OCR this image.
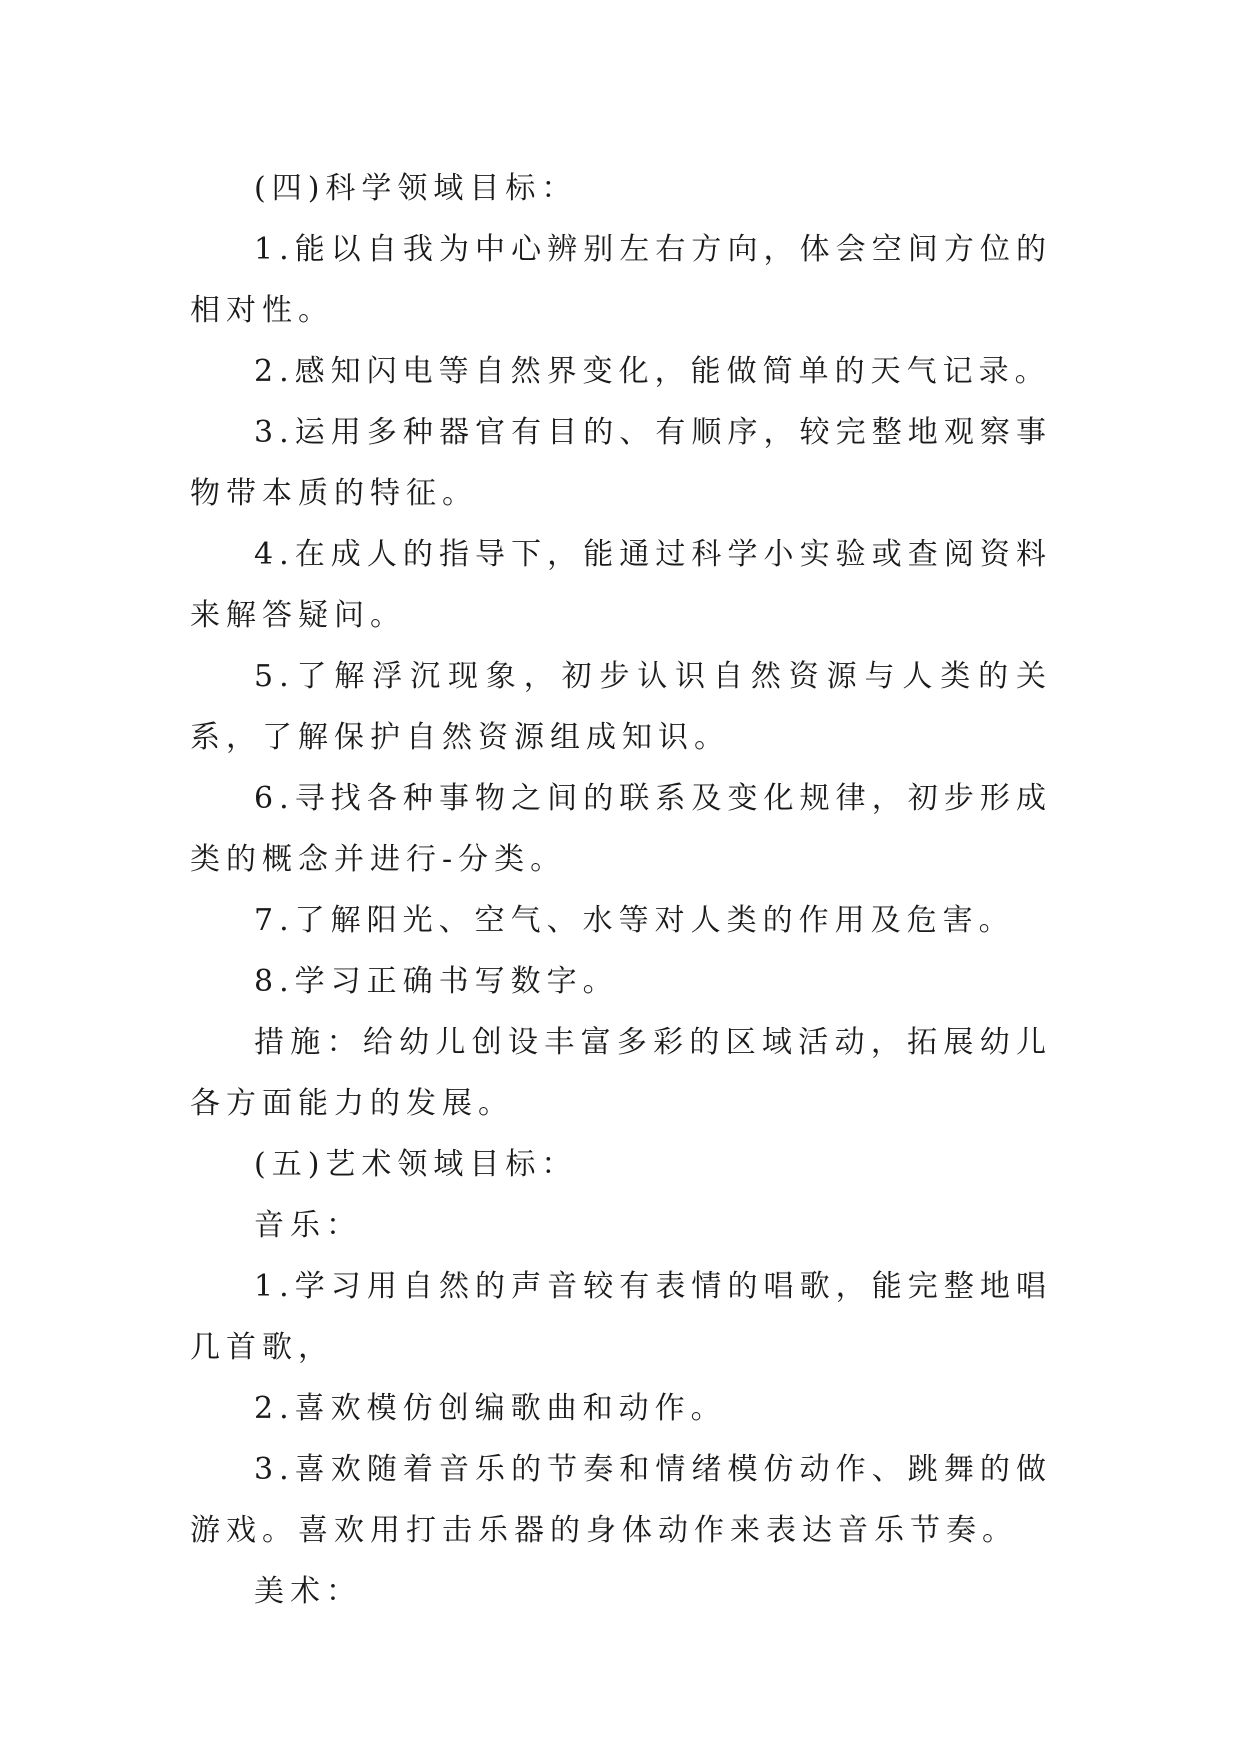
(四)科学领域目标：

1.能以自我为中心辨别左右方向，体会空间方位的相对性。

2.感知闪电等自然界变化，能做简单的天气记录。

3.运用多种器官有目的、有顺序，较完整地观察事物带本质的特征。

4.在成人的指导下，能通过科学小实验或查阅资料来解答疑问。

5.了解浮沉现象，初步认识自然资源与人类的关系，了解保护自然资源组成知识。

6.寻找各种事物之间的联系及变化规律，初步形成类的概念并进行-分类。

7.了解阳光、空气、水等对人类的作用及危害。

8.学习正确书写数字。

措施：给幼儿创设丰富多彩的区域活动，拓展幼儿各方面能力的发展。

(五)艺术领域目标：

音乐：

1.学习用自然的声音较有表情的唱歌，能完整地唱几首歌，

2.喜欢模仿创编歌曲和动作。

3.喜欢随着音乐的节奏和情绪模仿动作、跳舞的做游戏。喜欢用打击乐器的身体动作来表达音乐节奏。

美术：
